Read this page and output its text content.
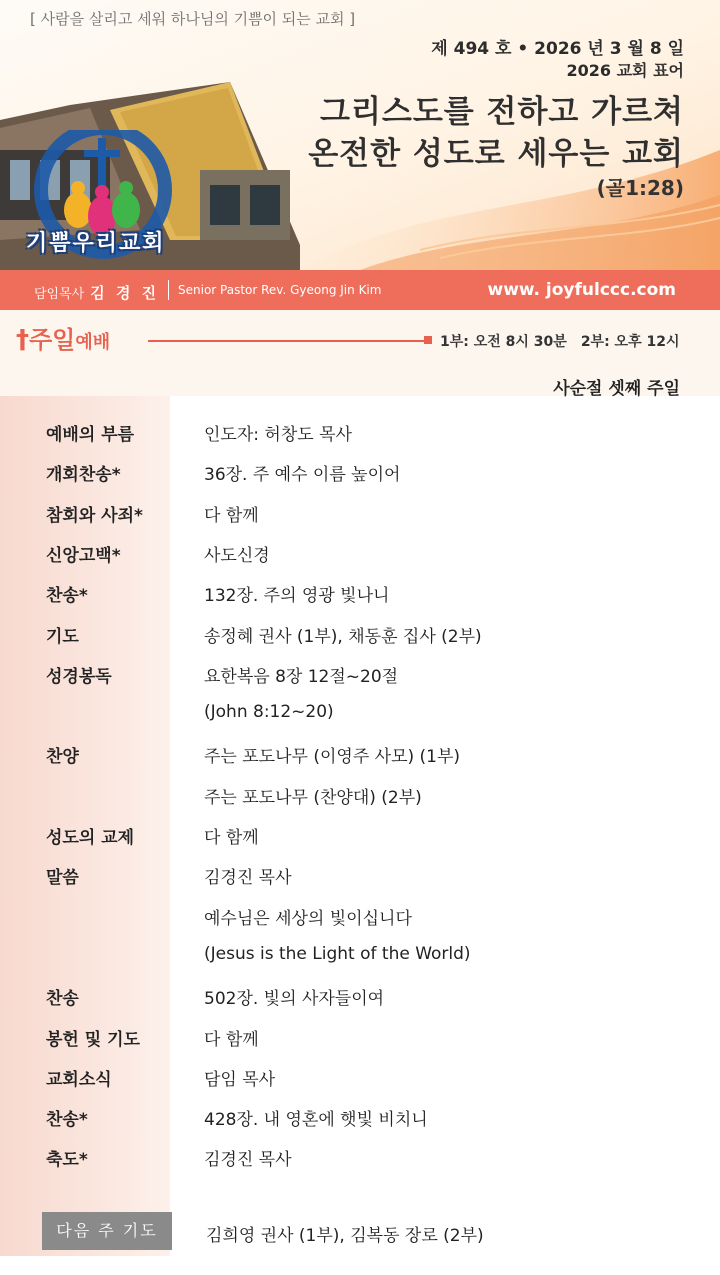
기쁨우리교회
[ 사람을 살리고 세워 하나님의 기쁨이 되는 교회 ]
제 494 호 • 2026 년 3 월 8 일
2026 교회 표어
그리스도를 전하고 가르쳐
온전한 성도로 세우는 교회
(골1:28)
담임목사 김 경 진 Senior Pastor Rev. Gyeong Jin Kim	www. joyfulccc.com
†주일예배	1부: 오전 8시 30분 2부: 오후 12시
사순절 셋째 주일
예배의 부름	인도자: 허창도 목사
개회찬송*	36장. 주 예수 이름 높이어
참회와 사죄*	다 함께
신앙고백*	사도신경
찬송*	132장. 주의 영광 빛나니
기도	송정혜 권사 (1부), 채동훈 집사 (2부)
성경봉독	요한복음 8장 12절~20절
(John 8:12~20)
찬양	주는 포도나무 (이영주 사모) (1부)
주는 포도나무 (찬양대) (2부)
성도의 교제	다 함께
말씀	김경진 목사
예수님은 세상의 빛이십니다
(Jesus is the Light of the World)
찬송	502장. 빛의 사자들이여
봉헌 및 기도	다 함께
교회소식	담임 목사
찬송*	428장. 내 영혼에 햇빛 비치니
축도*	김경진 목사
다음 주 기도	김희영 권사 (1부), 김복동 장로 (2부)
